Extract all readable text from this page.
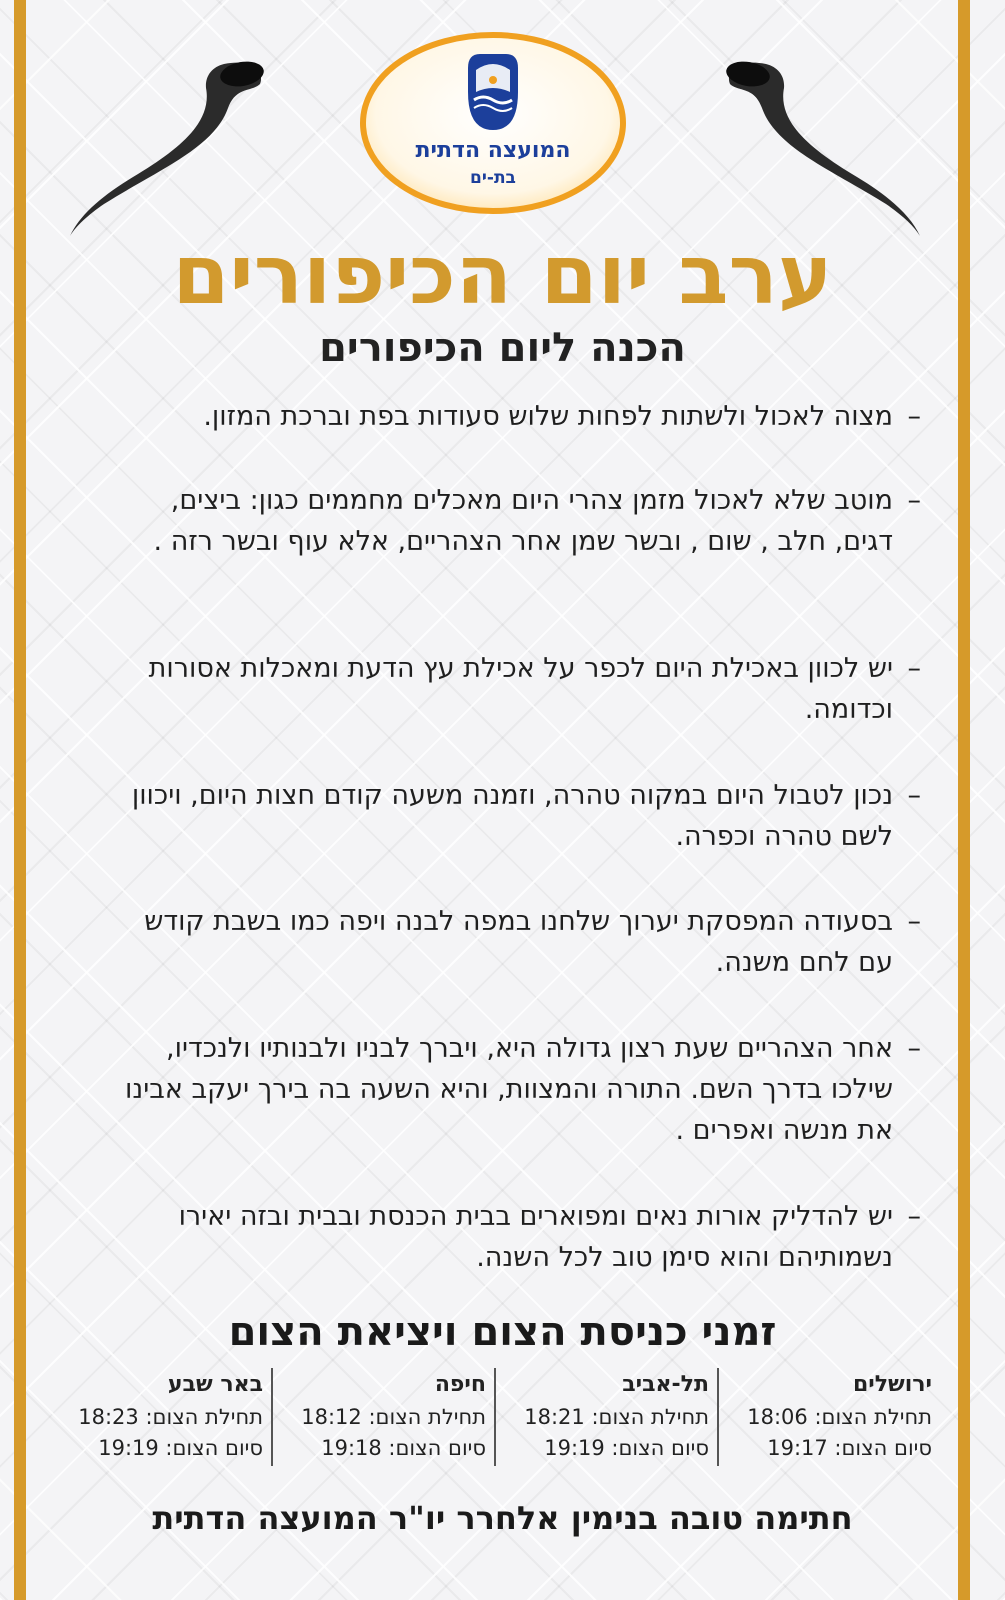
המועצה הדתית
בת-ים
ערב יום הכיפורים
הכנה ליום הכיפורים
–
מצוה לאכול ולשתות לפחות שלוש סעודות בפת וברכת המזון.
–
מוטב שלא לאכול מזמן צהרי היום מאכלים מחממים כגון: ביצים, דגים, חלב , שום , ובשר שמן אחר הצהריים, אלא עוף ובשר רזה .
–
יש לכוון באכילת היום לכפר על אכילת עץ הדעת ומאכלות אסורות וכדומה.
–
נכון לטבול היום במקוה טהרה, וזמנה משעה קודם חצות היום, ויכוון לשם טהרה וכפרה.
–
בסעודה המפסקת יערוך שלחנו במפה לבנה ויפה כמו בשבת קודש עם לחם משנה.
–
אחר הצהריים שעת רצון גדולה היא, ויברך לבניו ולבנותיו ולנכדיו, שילכו בדרך השם. התורה והמצוות, והיא השעה בה בירך יעקב אבינו את מנשה ואפרים .
–
יש להדליק אורות נאים ומפוארים בבית הכנסת ובבית ובזה יאירו נשמותיהם והוא סימן טוב לכל השנה.
זמני כניסת הצום ויציאת הצום
ירושלים
תחילת הצום: 18:06
סיום הצום: 19:17
תל-אביב
תחילת הצום: 18:21
סיום הצום: 19:19
חיפה
תחילת הצום: 18:12
סיום הצום: 19:18
באר שבע
תחילת הצום: 18:23
סיום הצום: 19:19
חתימה טובה בנימין אלחרר יו"ר המועצה הדתית
